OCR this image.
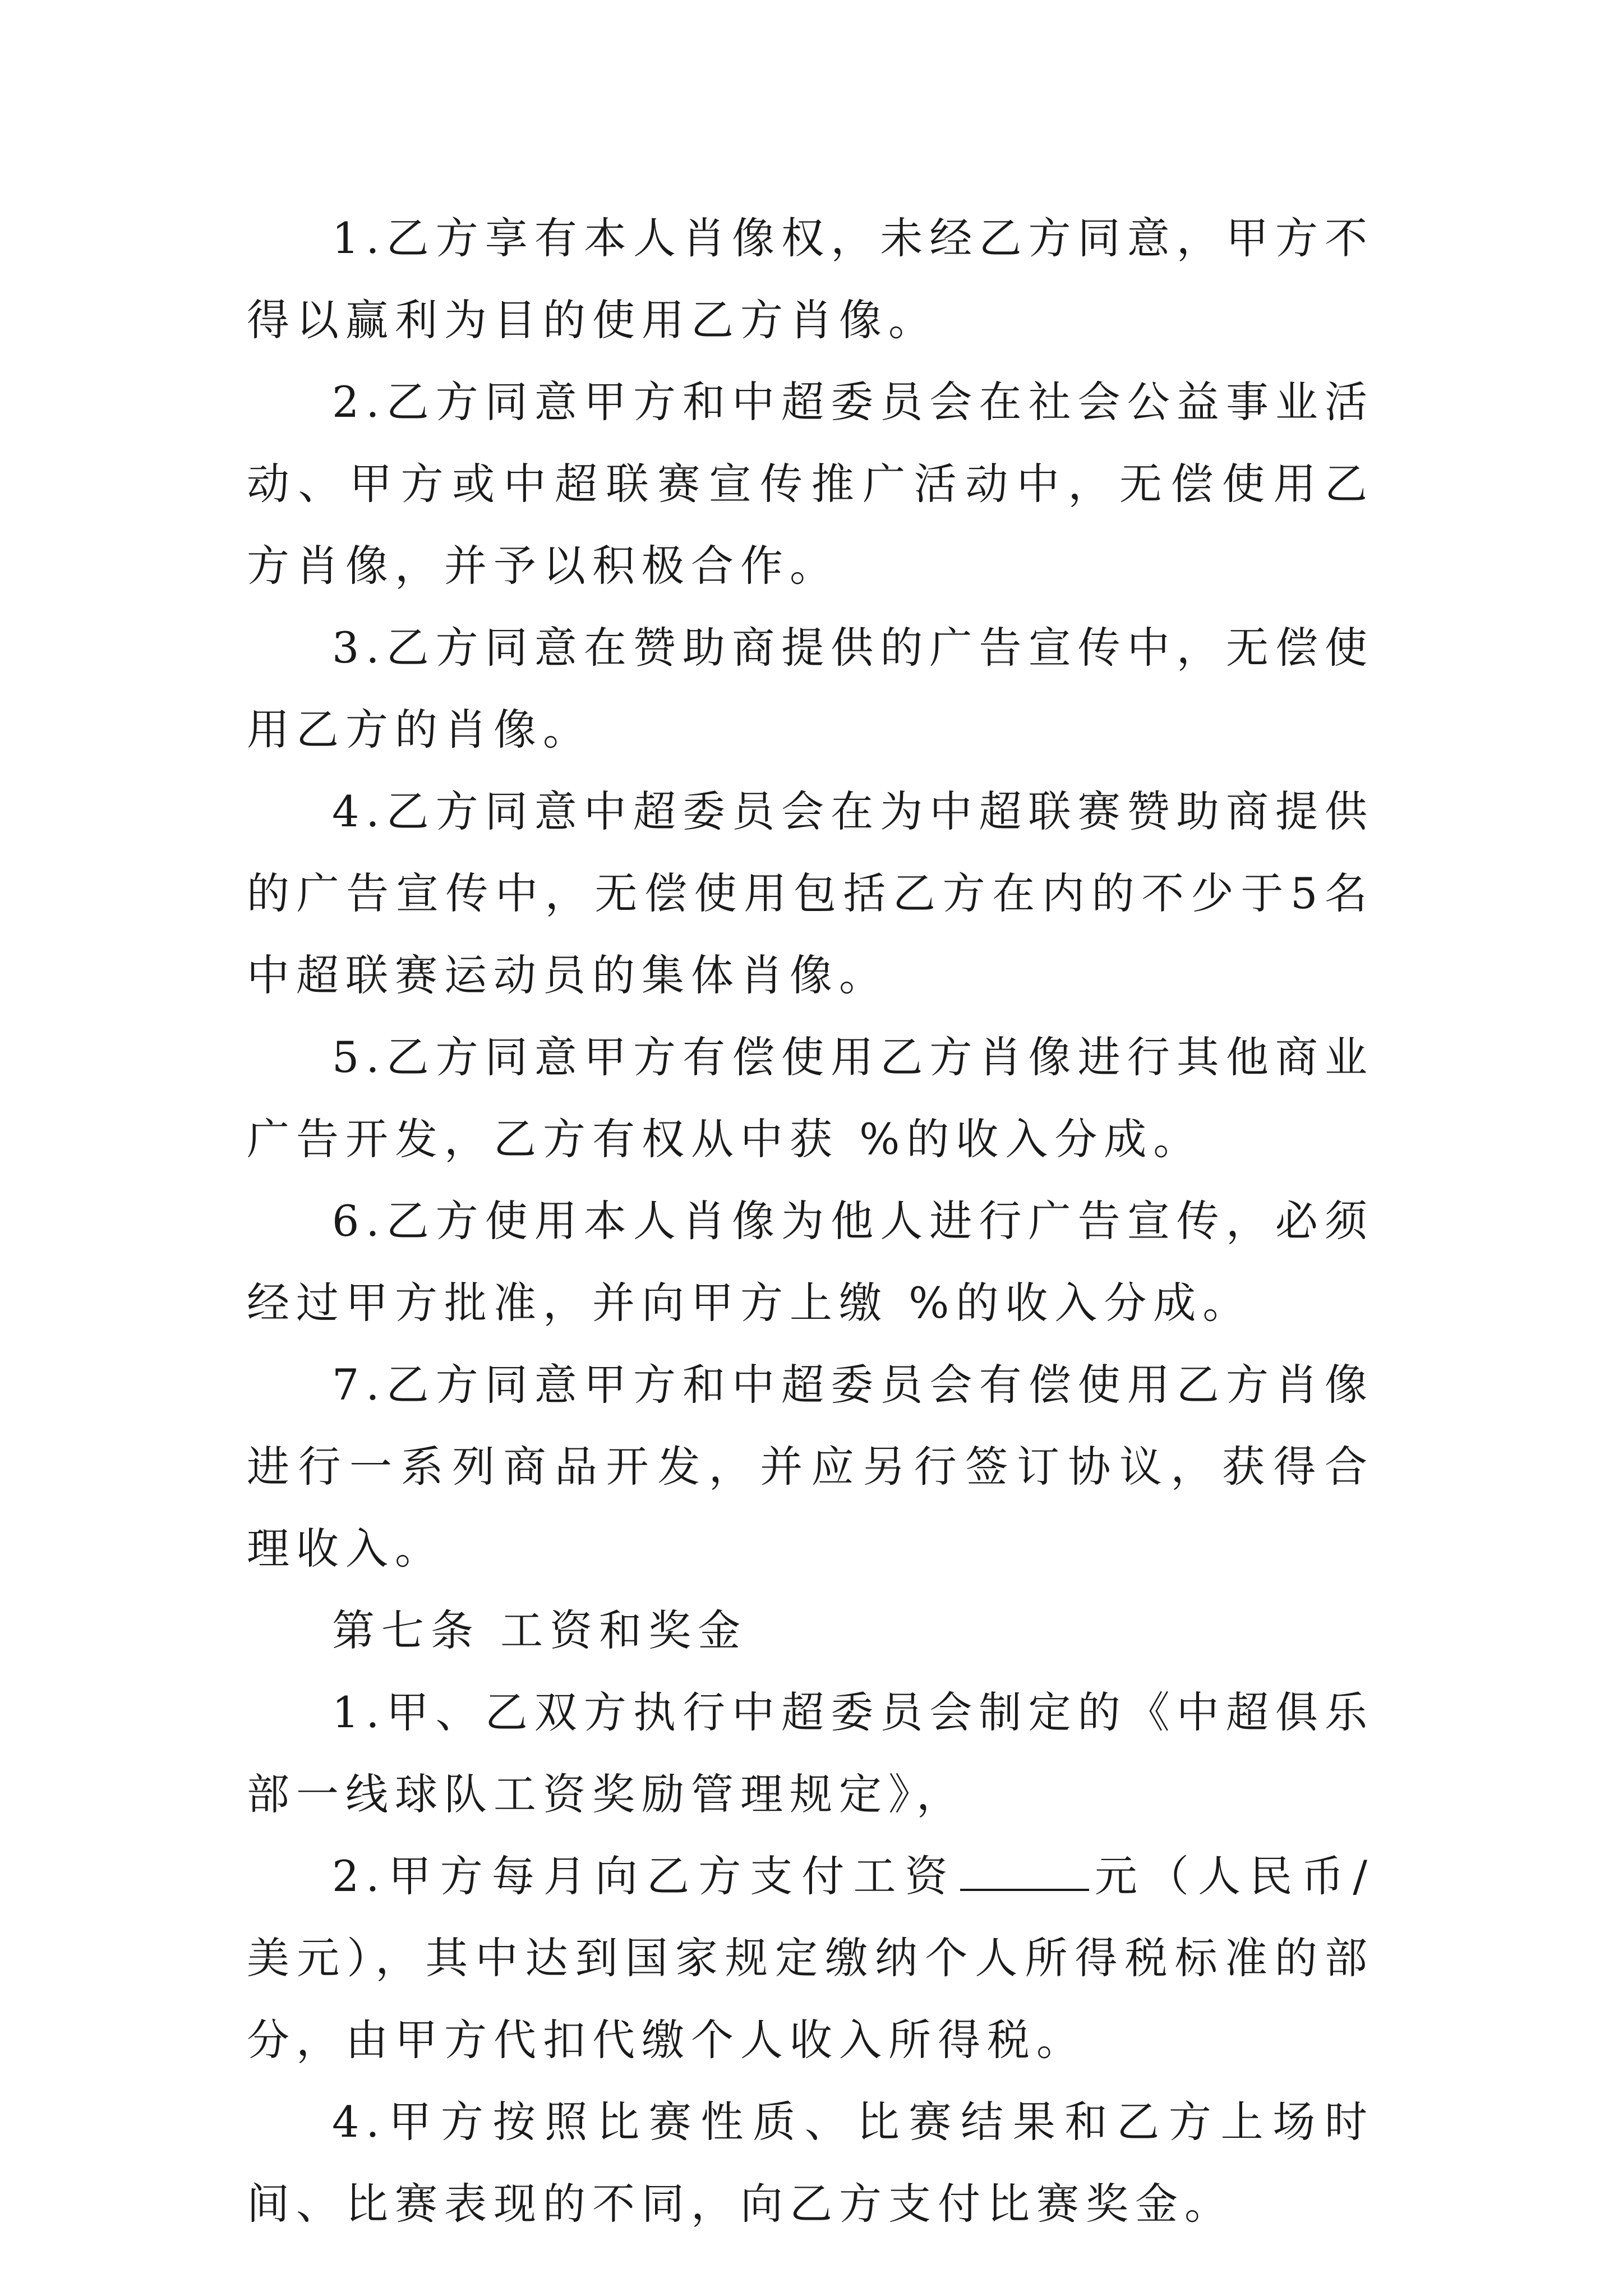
1.乙方享有本人肖像权，未经乙方同意，甲方不得以赢利为目的使用乙方肖像。

2.乙方同意甲方和中超委员会在社会公益事业活动、甲方或中超联赛宣传推广活动中，无偿使用乙方肖像，并予以积极合作。

3.乙方同意在赞助商提供的广告宣传中，无偿使用乙方的肖像。

4.乙方同意中超委员会在为中超联赛赞助商提供的广告宣传中，无偿使用包括乙方在内的不少于5名中超联赛运动员的集体肖像。

5.乙方同意甲方有偿使用乙方肖像进行其他商业广告开发，乙方有权从中获 %的收入分成。

6.乙方使用本人肖像为他人进行广告宣传，必须经过甲方批准，并向甲方上缴 %的收入分成。

7.乙方同意甲方和中超委员会有偿使用乙方肖像进行一系列商品开发，并应另行签订协议，获得合理收入。

第七条 工资和奖金

1.甲、乙双方执行中超委员会制定的《中超俱乐部一线球队工资奖励管理规定》，

2.甲方每月向乙方支付工资	元（人民币/美元），其中达到国家规定缴纳个人所得税标准的部分，由甲方代扣代缴个人收入所得税。

4.甲方按照比赛性质、比赛结果和乙方上场时间、比赛表现的不同，向乙方支付比赛奖金。
